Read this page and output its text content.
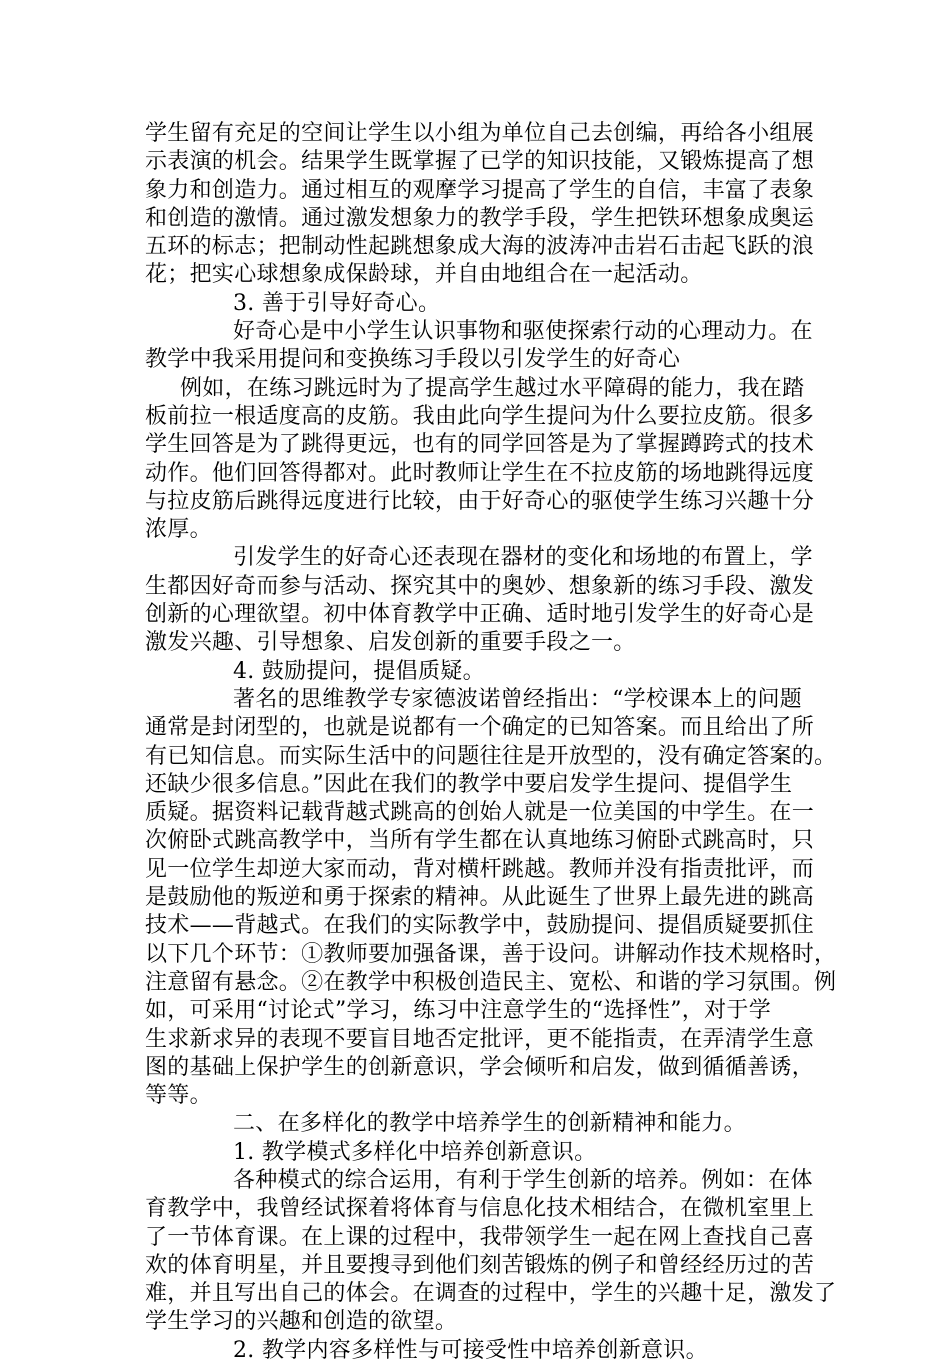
学生留有充足的空间让学生以小组为单位自己去创编，再给各小组展
示表演的机会。结果学生既掌握了已学的知识技能，又锻炼提高了想
象力和创造力。通过相互的观摩学习提高了学生的自信，丰富了表象
和创造的激情。通过激发想象力的教学手段，学生把铁环想象成奥运
五环的标志；把制动性起跳想象成大海的波涛冲击岩石击起飞跃的浪
花；把实心球想象成保龄球，并自由地组合在一起活动。
3. 善于引导好奇心。
好奇心是中小学生认识事物和驱使探索行动的心理动力。在
教学中我采用提问和变换练习手段以引发学生的好奇心
例如，在练习跳远时为了提高学生越过水平障碍的能力，我在踏
板前拉一根适度高的皮筋。我由此向学生提问为什么要拉皮筋。很多
学生回答是为了跳得更远，也有的同学回答是为了掌握蹲跨式的技术
动作。他们回答得都对。此时教师让学生在不拉皮筋的场地跳得远度
与拉皮筋后跳得远度进行比较，由于好奇心的驱使学生练习兴趣十分
浓厚。
引发学生的好奇心还表现在器材的变化和场地的布置上，学
生都因好奇而参与活动、探究其中的奥妙、想象新的练习手段、激发
创新的心理欲望。初中体育教学中正确、适时地引发学生的好奇心是
激发兴趣、引导想象、启发创新的重要手段之一。
4. 鼓励提问，提倡质疑。
著名的思维教学专家德波诺曾经指出：“学校课本上的问题
通常是封闭型的，也就是说都有一个确定的已知答案。而且给出了所
有已知信息。而实际生活中的问题往往是开放型的，没有确定答案的。
还缺少很多信息。”因此在我们的教学中要启发学生提问、提倡学生
质疑。据资料记载背越式跳高的创始人就是一位美国的中学生。在一
次俯卧式跳高教学中，当所有学生都在认真地练习俯卧式跳高时，只
见一位学生却逆大家而动，背对横杆跳越。教师并没有指责批评，而
是鼓励他的叛逆和勇于探索的精神。从此诞生了世界上最先进的跳高
技术——背越式。在我们的实际教学中，鼓励提问、提倡质疑要抓住
以下几个环节：①教师要加强备课，善于设问。讲解动作技术规格时，
注意留有悬念。②在教学中积极创造民主、宽松、和谐的学习氛围。例
如，可采用“讨论式”学习，练习中注意学生的“选择性”，对于学
生求新求异的表现不要盲目地否定批评，更不能指责，在弄清学生意
图的基础上保护学生的创新意识，学会倾听和启发，做到循循善诱，
等等。
二、在多样化的教学中培养学生的创新精神和能力。
1. 教学模式多样化中培养创新意识。
各种模式的综合运用，有利于学生创新的培养。例如：在体
育教学中，我曾经试探着将体育与信息化技术相结合，在微机室里上
了一节体育课。在上课的过程中，我带领学生一起在网上查找自己喜
欢的体育明星，并且要搜寻到他们刻苦锻炼的例子和曾经经历过的苦
难，并且写出自己的体会。在调查的过程中，学生的兴趣十足，激发了
学生学习的兴趣和创造的欲望。
2. 教学内容多样性与可接受性中培养创新意识。
